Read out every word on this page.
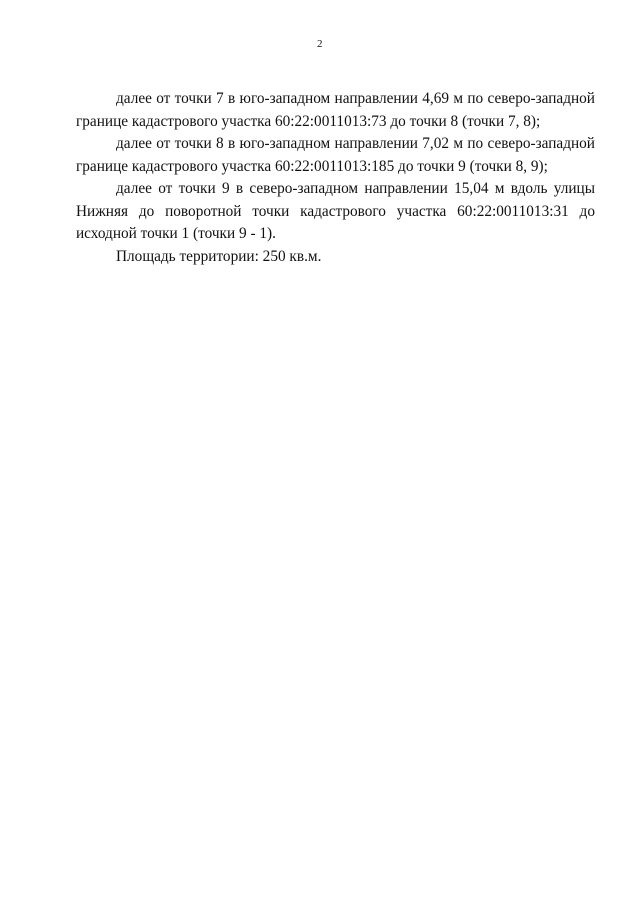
2

далее от точки 7 в юго-западном направлении 4,69 м по северо-западной границе кадастрового участка 60:22:0011013:73 до точки 8 (точки 7, 8);

далее от точки 8 в юго-западном направлении 7,02 м по северо-западной границе кадастрового участка 60:22:0011013:185 до точки 9 (точки 8, 9);

далее от точки 9 в северо-западном направлении 15,04 м вдоль улицы Нижняя до поворотной точки кадастрового участка 60:22:0011013:31 до исходной точки 1 (точки 9 - 1).

Площадь территории: 250 кв.м.
